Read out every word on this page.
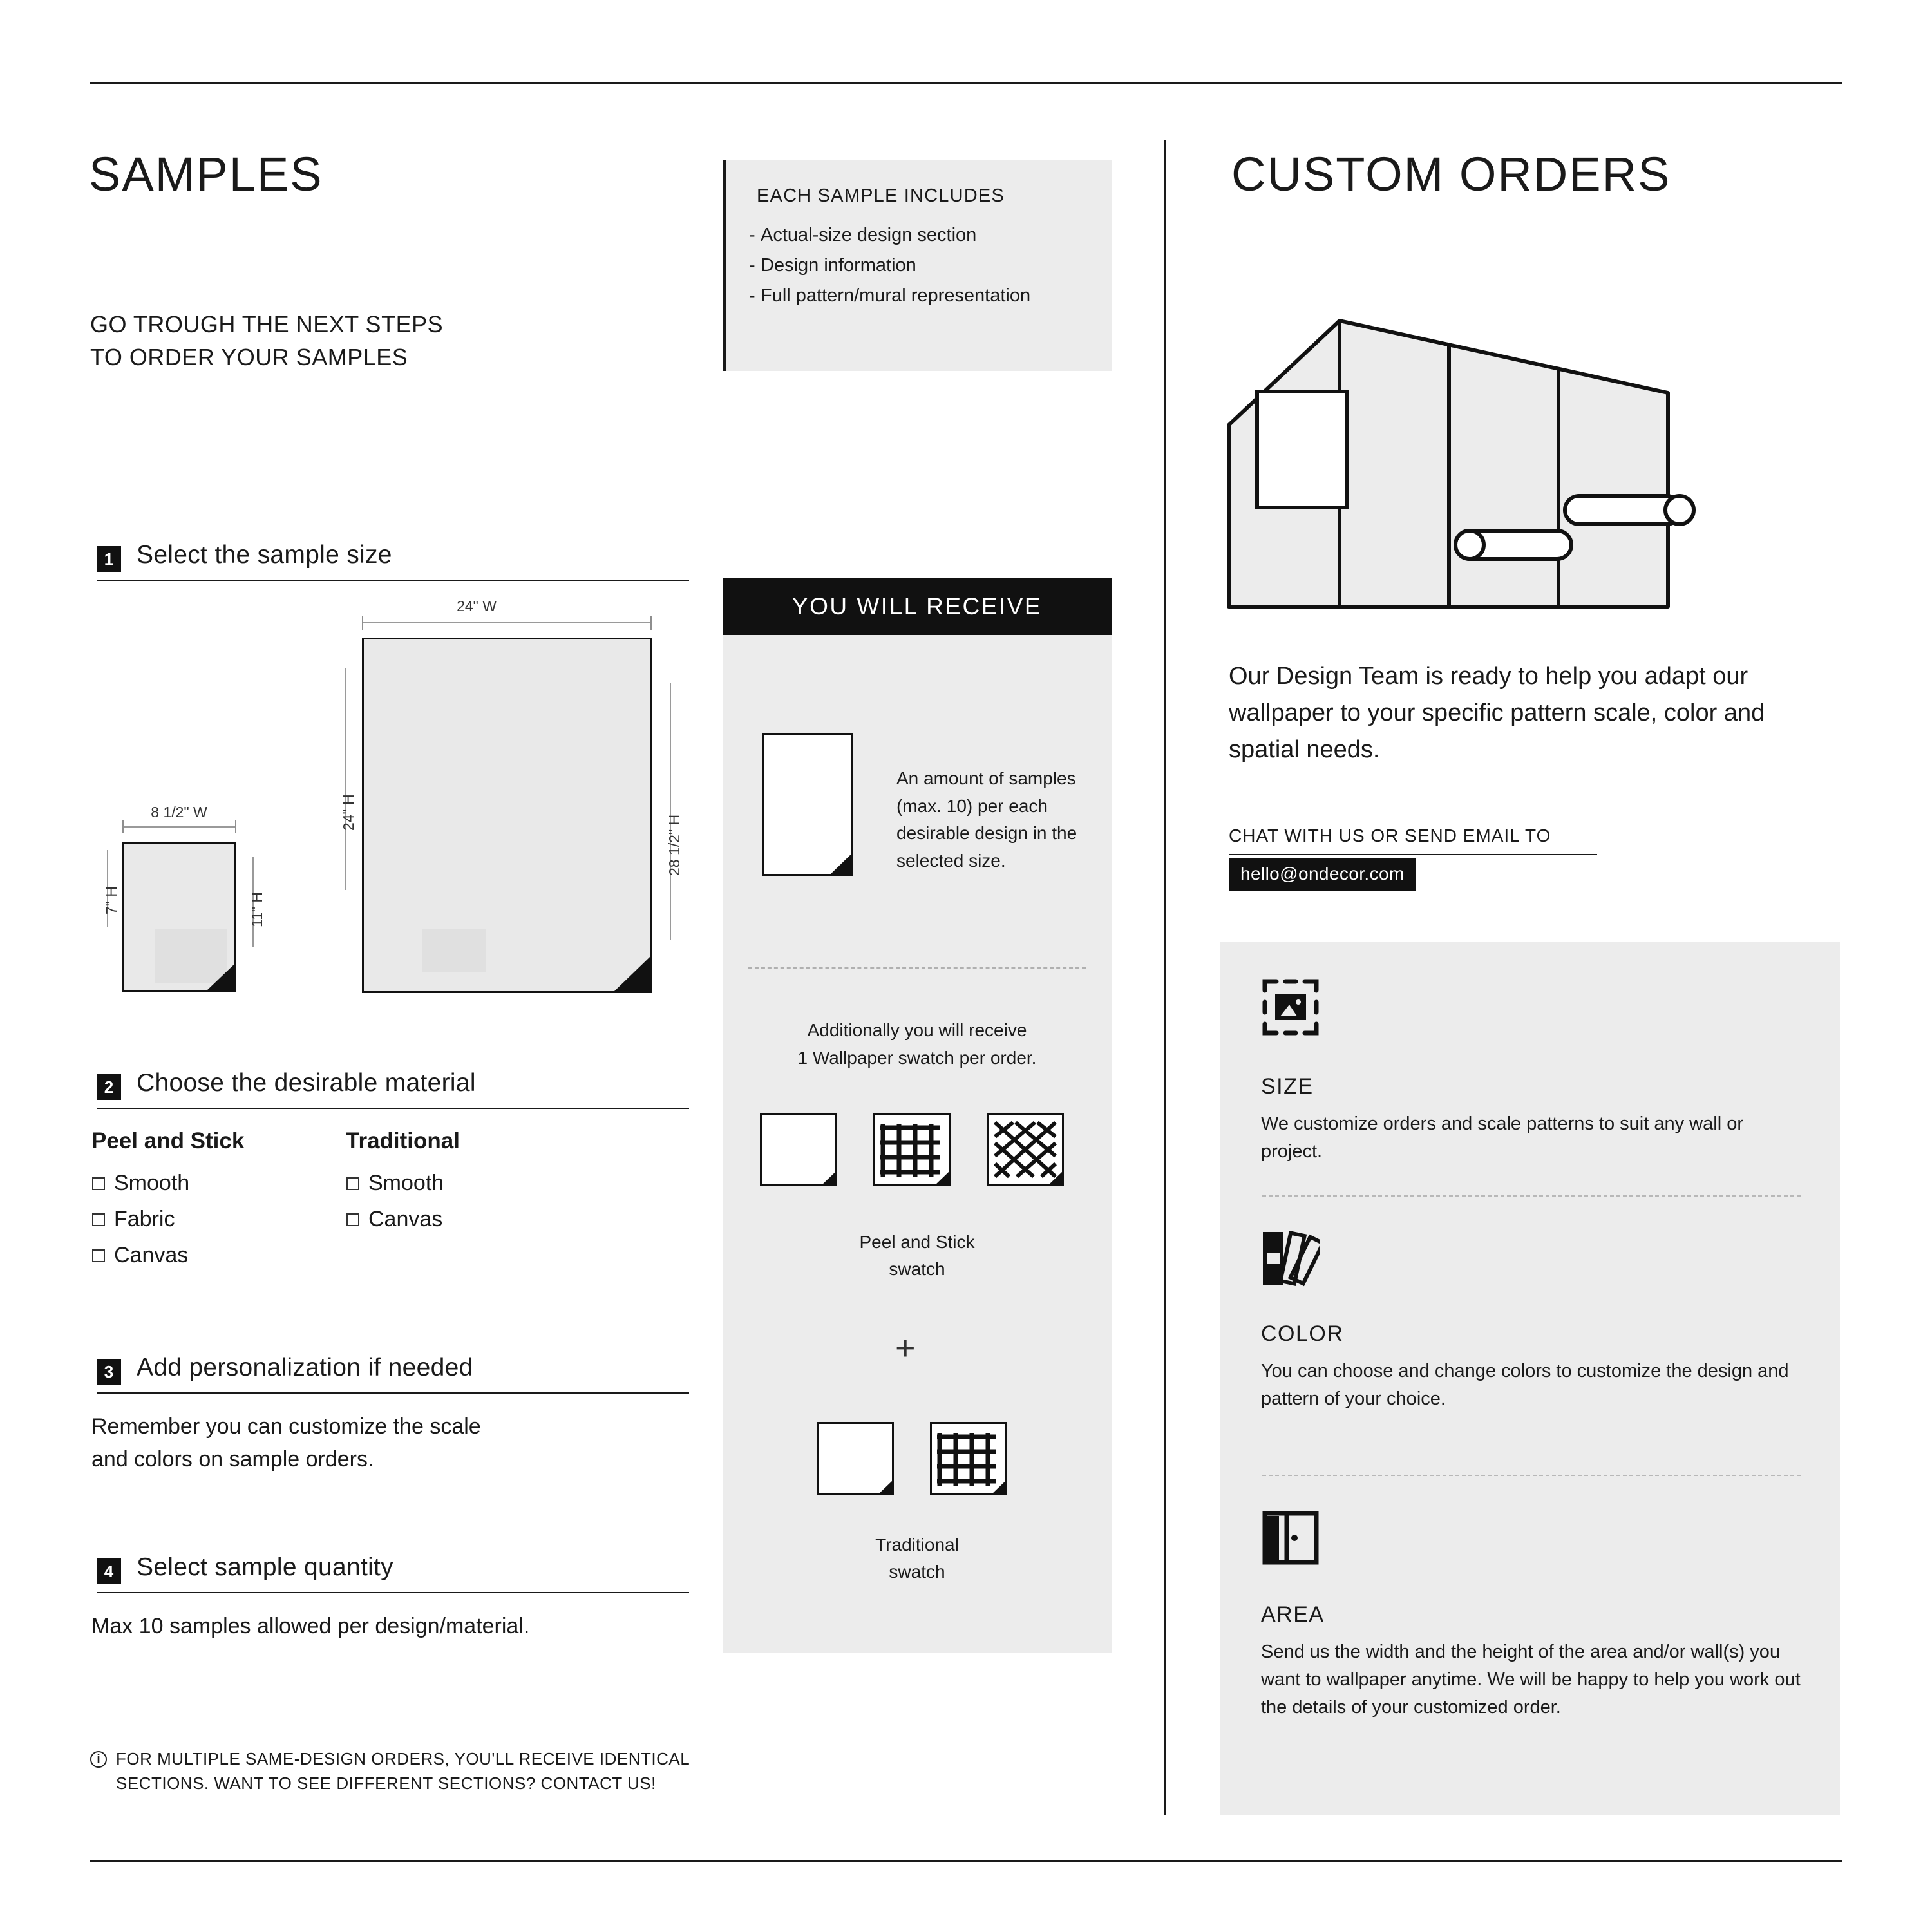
SAMPLES
GO TROUGH THE NEXT STEPS
TO ORDER YOUR SAMPLES
EACH SAMPLE INCLUDES
- Actual-size design section
- Design information
- Full pattern/mural representation
1 Select the sample size
24" W
24" H
28 1/2" H
8 1/2" W
7" H	11" H
2 Choose the desirable material
Peel and Stick
Smooth
Fabric
Canvas
Traditional
Smooth
Canvas
3 Add personalization if needed
Remember you can customize the scale
and colors on sample orders.
4 Select sample quantity
Max 10 samples allowed per design/material.
i FOR MULTIPLE SAME-DESIGN ORDERS, YOU'LL RECEIVE IDENTICAL
SECTIONS. WANT TO SEE DIFFERENT SECTIONS? CONTACT US!
YOU WILL RECEIVE
An amount of samples (max. 10) per each desirable design in the selected size.
Additionally you will receive
1 Wallpaper swatch per order.
Peel and Stick
swatch
+
Traditional
swatch
CUSTOM ORDERS
Our Design Team is ready to help you adapt our wallpaper to your specific pattern scale, color and spatial needs.
CHAT WITH US OR SEND EMAIL TO
hello@ondecor.com
SIZE
We customize orders and scale patterns to suit any wall or project.
COLOR
You can choose and change colors to customize the design and pattern of your choice.
AREA
Send us the width and the height of the area and/or wall(s) you want to wallpaper anytime. We will be happy to help you work out the details of your customized order.
